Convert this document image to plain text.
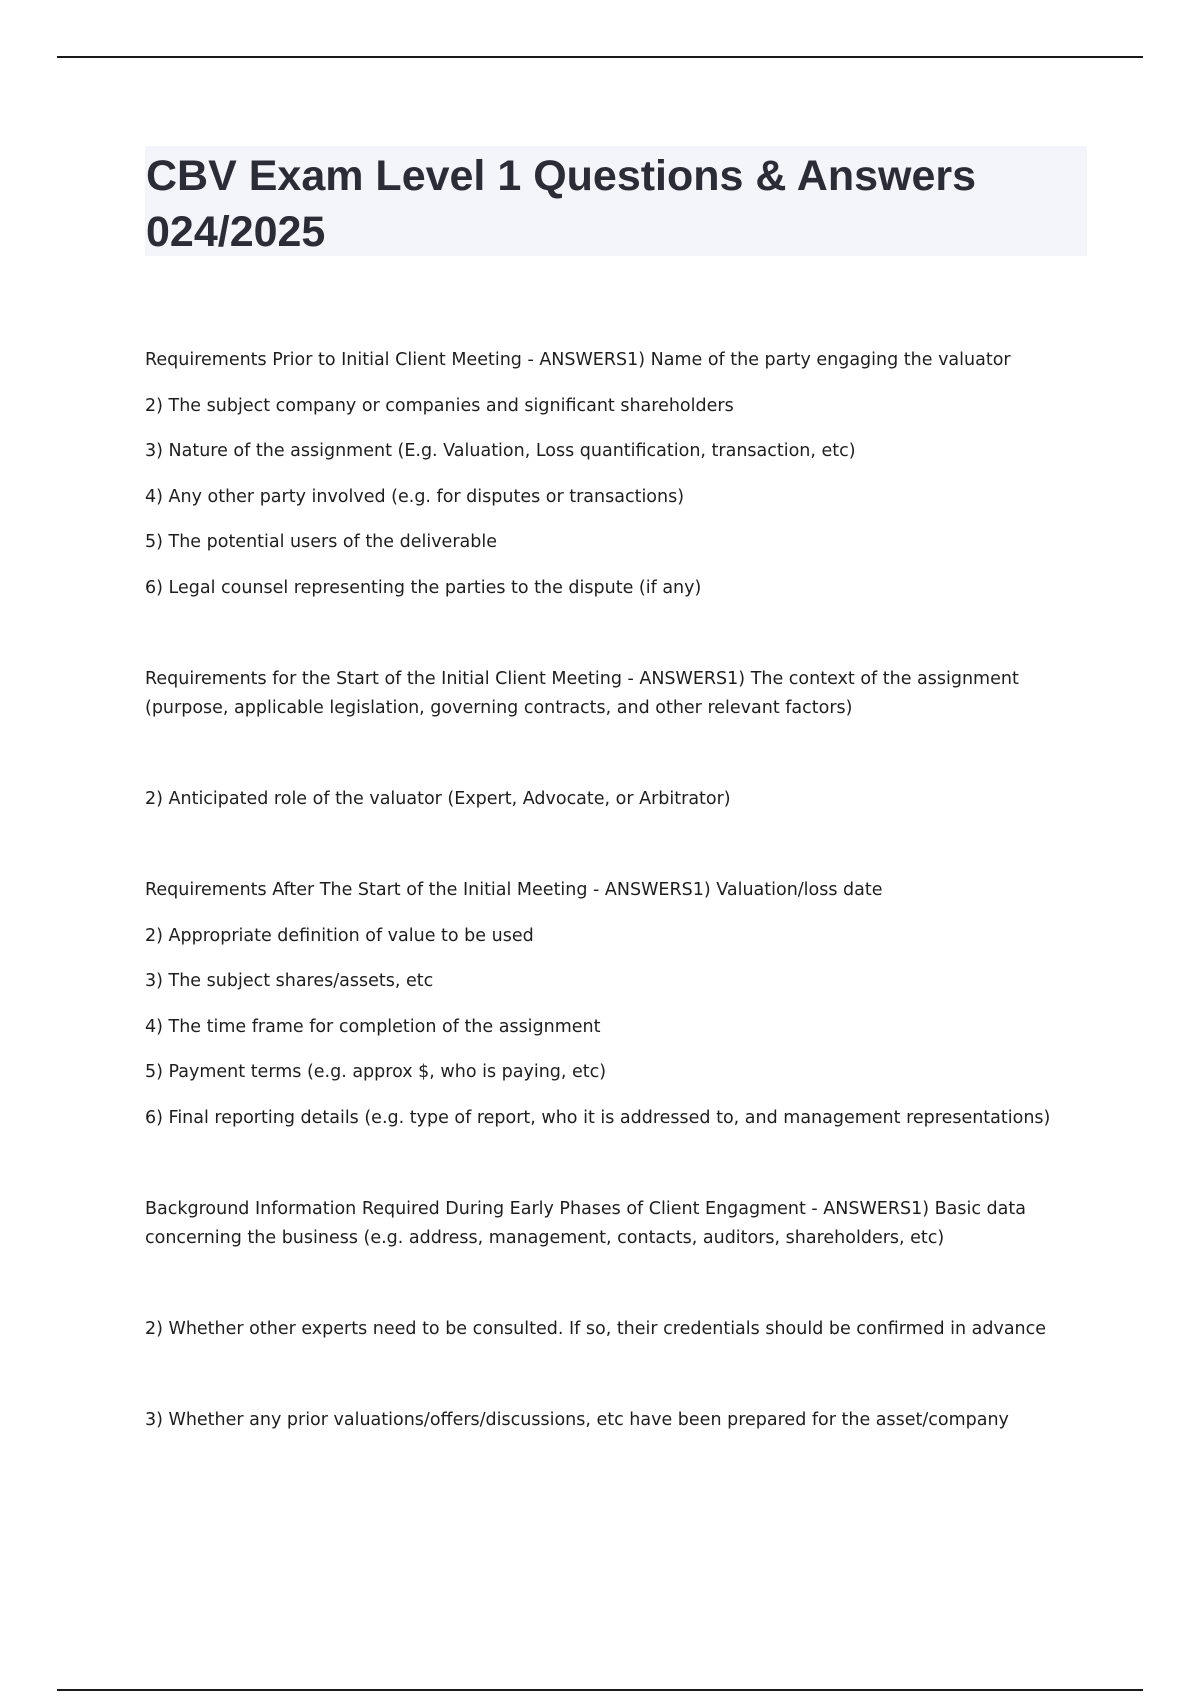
CBV Exam Level 1 Questions & Answers 024/2025

Requirements Prior to Initial Client Meeting - ANSWERS1) Name of the party engaging the valuator

2) The subject company or companies and significant shareholders

3) Nature of the assignment (E.g. Valuation, Loss quantification, transaction, etc)

4) Any other party involved (e.g. for disputes or transactions)

5) The potential users of the deliverable

6) Legal counsel representing the parties to the dispute (if any)

Requirements for the Start of the Initial Client Meeting - ANSWERS1) The context of the assignment (purpose, applicable legislation, governing contracts, and other relevant factors)

2) Anticipated role of the valuator (Expert, Advocate, or Arbitrator)

Requirements After The Start of the Initial Meeting - ANSWERS1) Valuation/loss date

2) Appropriate definition of value to be used

3) The subject shares/assets, etc

4) The time frame for completion of the assignment

5) Payment terms (e.g. approx $, who is paying, etc)

6) Final reporting details (e.g. type of report, who it is addressed to, and management representations)

Background Information Required During Early Phases of Client Engagment - ANSWERS1) Basic data concerning the business (e.g. address, management, contacts, auditors, shareholders, etc)

2) Whether other experts need to be consulted. If so, their credentials should be confirmed in advance

3) Whether any prior valuations/offers/discussions, etc have been prepared for the asset/company
